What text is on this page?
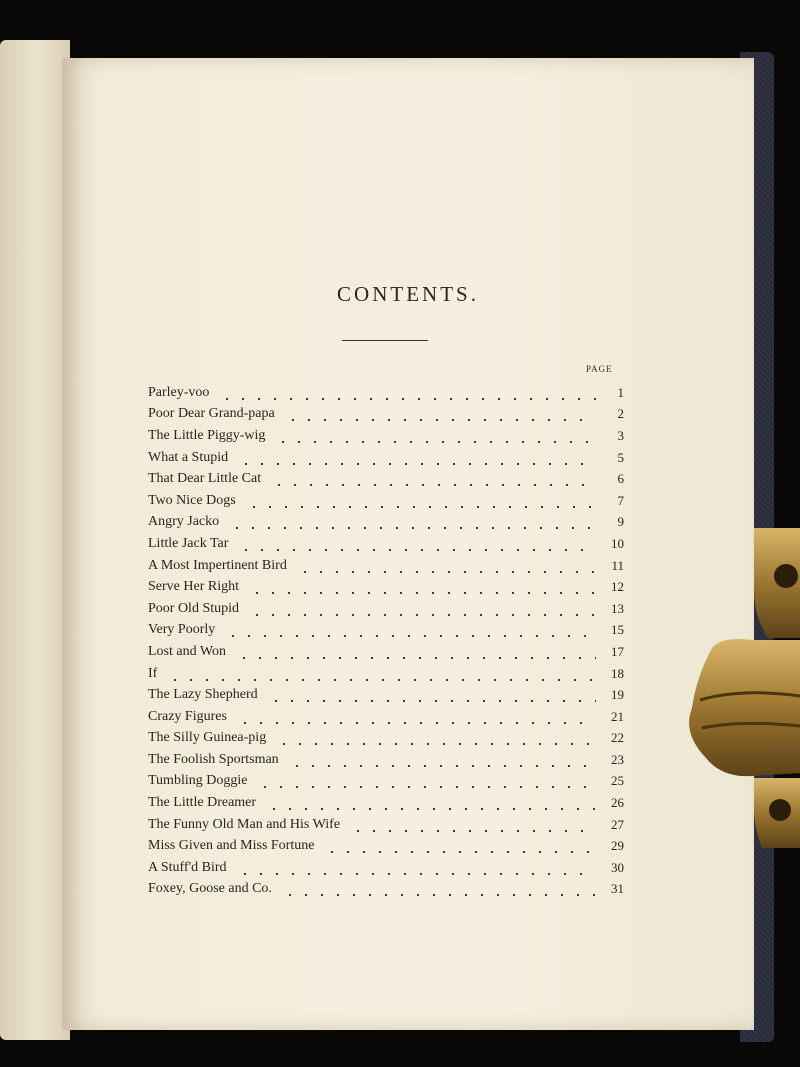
CONTENTS.
PAGE
Parley-voo	1
Poor Dear Grand-papa	2
The Little Piggy-wig	3
What a Stupid	5
That Dear Little Cat	6
Two Nice Dogs	7
Angry Jacko	9
Little Jack Tar	10
A Most Impertinent Bird	11
Serve Her Right	12
Poor Old Stupid	13
Very Poorly	15
Lost and Won	17
If	18
The Lazy Shepherd	19
Crazy Figures	21
The Silly Guinea-pig	22
The Foolish Sportsman	23
Tumbling Doggie	25
The Little Dreamer	26
The Funny Old Man and His Wife	27
Miss Given and Miss Fortune	29
A Stuff'd Bird	30
Foxey, Goose and Co.	31
